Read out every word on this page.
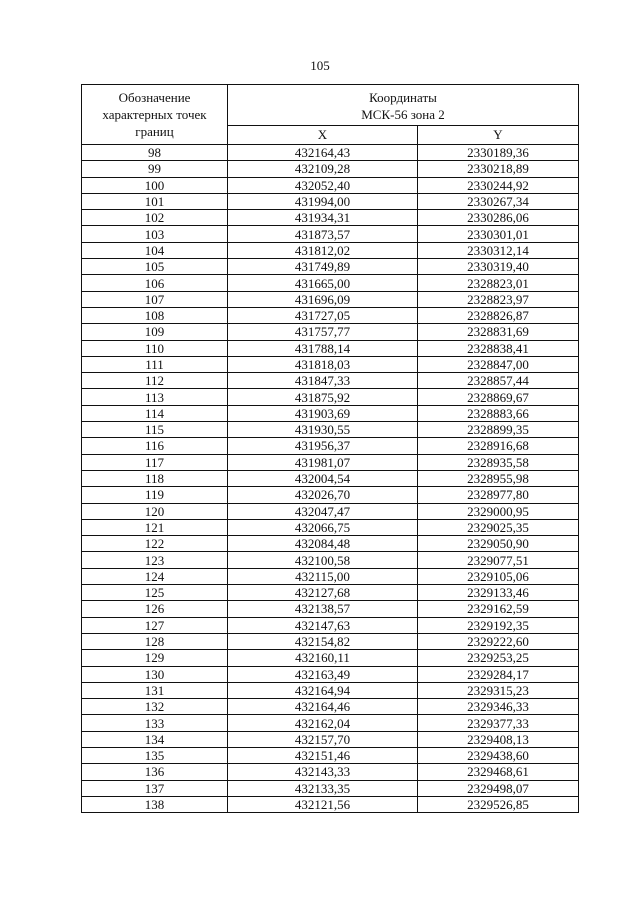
105
Обозначение
характерных точек
границ	Координаты
МСК-56 зона 2	

	X	Y
98	432164,43	2330189,36
99	432109,28	2330218,89
100	432052,40	2330244,92
101	431994,00	2330267,34
102	431934,31	2330286,06
103	431873,57	2330301,01
104	431812,02	2330312,14
105	431749,89	2330319,40
106	431665,00	2328823,01
107	431696,09	2328823,97
108	431727,05	2328826,87
109	431757,77	2328831,69
110	431788,14	2328838,41
111	431818,03	2328847,00
112	431847,33	2328857,44
113	431875,92	2328869,67
114	431903,69	2328883,66
115	431930,55	2328899,35
116	431956,37	2328916,68
117	431981,07	2328935,58
118	432004,54	2328955,98
119	432026,70	2328977,80
120	432047,47	2329000,95
121	432066,75	2329025,35
122	432084,48	2329050,90
123	432100,58	2329077,51
124	432115,00	2329105,06
125	432127,68	2329133,46
126	432138,57	2329162,59
127	432147,63	2329192,35
128	432154,82	2329222,60
129	432160,11	2329253,25
130	432163,49	2329284,17
131	432164,94	2329315,23
132	432164,46	2329346,33
133	432162,04	2329377,33
134	432157,70	2329408,13
135	432151,46	2329438,60
136	432143,33	2329468,61
137	432133,35	2329498,07
138	432121,56	2329526,85
